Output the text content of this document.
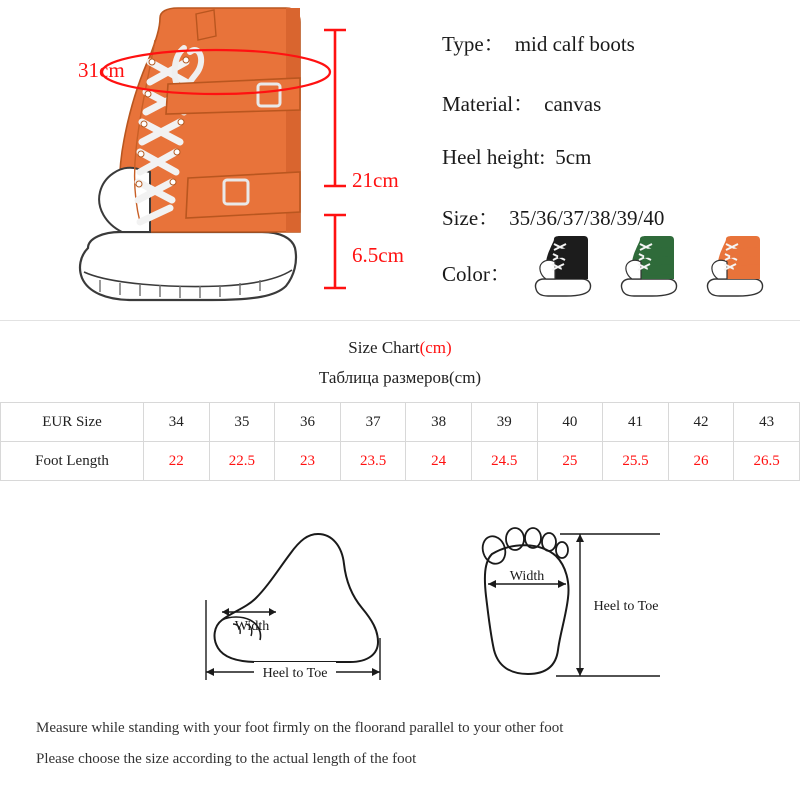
31cm
21cm
6.5cm
Type： mid calf boots
Material： canvas
Heel height: 5cm
Size： 35/36/37/38/39/40
Color：
Size Chart(cm)
Таблица размеров(cm)
EUR Size	34	35	36	37	38	39	40	41	42	43
Foot Length	22	22.5	23	23.5	24	24.5	25	25.5	26	26.5
Width
Heel to Toe
Width
Heel to Toe
Measure while standing with your foot firmly on the floorand parallel to your other foot
Please choose the size according to the actual length of the foot
